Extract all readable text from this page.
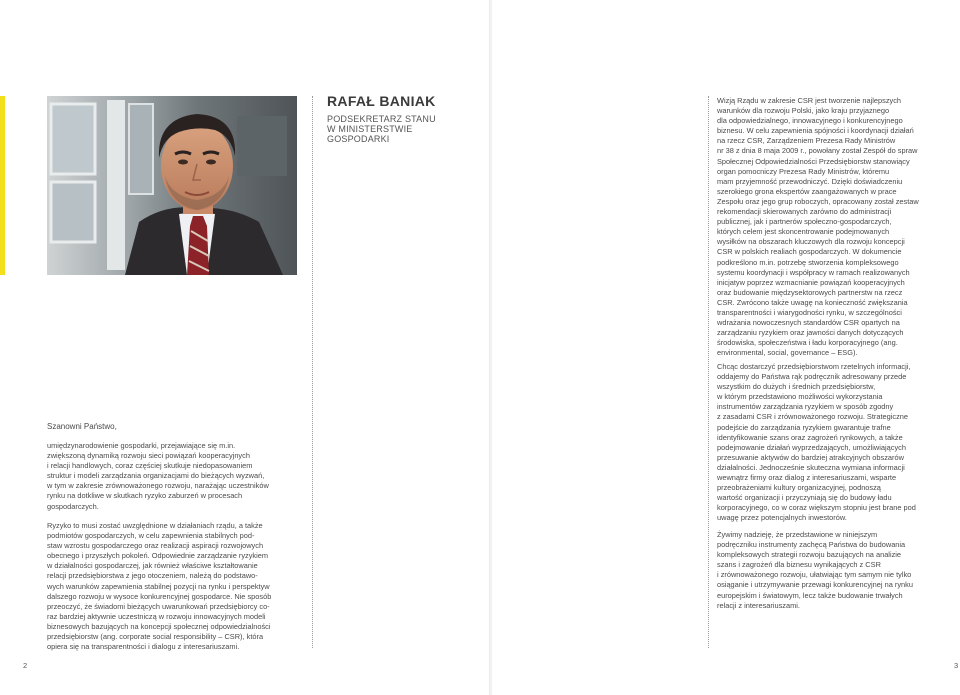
RAFAŁ BANIAK

PODSEKRETARZ STANU W MINISTERSTWIE GOSPODARKI

Szanowni Państwo,

umiędzynarodowienie gospodarki, przejawiające się m.in.
zwiększoną dynamiką rozwoju sieci powiązań kooperacyjnych
i relacji handlowych, coraz częściej skutkuje niedopasowaniem
struktur i modeli zarządzania organizacjami do bieżących wyzwań,
w tym w zakresie zrównoważonego rozwoju, narażając uczestników
rynku na dotkliwe w skutkach ryzyko zaburzeń w procesach
gospodarczych.

Ryzyko to musi zostać uwzględnione w działaniach rządu, a także
podmiotów gospodarczych, w celu zapewnienia stabilnych pod-
staw wzrostu gospodarczego oraz realizacji aspiracji rozwojowych
obecnego i przyszłych pokoleń. Odpowiednie zarządzanie ryzykiem
w działalności gospodarczej, jak również właściwe kształtowanie
relacji przedsiębiorstwa z jego otoczeniem, należą do podstawo-
wych warunków zapewnienia stabilnej pozycji na rynku i perspektyw
dalszego rozwoju w wysoce konkurencyjnej gospodarce. Nie sposób
przeoczyć, że świadomi bieżących uwarunkowań przedsiębiorcy co-
raz bardziej aktywnie uczestniczą w rozwoju innowacyjnych modeli
biznesowych bazujących na koncepcji społecznej odpowiedzialności
przedsiębiorstw (ang. corporate social responsibility – CSR), która
opiera się na transparentności i dialogu z interesariuszami.

Wizją Rządu w zakresie CSR jest tworzenie najlepszych
warunków dla rozwoju Polski, jako kraju przyjaznego
dla odpowiedzialnego, innowacyjnego i konkurencyjnego
biznesu. W celu zapewnienia spójności i koordynacji działań
na rzecz CSR, Zarządzeniem Prezesa Rady Ministrów
nr 38 z dnia 8 maja 2009 r., powołany został Zespół do spraw
Społecznej Odpowiedzialności Przedsiębiorstw stanowiący
organ pomocniczy Prezesa Rady Ministrów, któremu
mam przyjemność przewodniczyć. Dzięki doświadczeniu
szerokiego grona ekspertów zaangażowanych w prace
Zespołu oraz jego grup roboczych, opracowany został zestaw
rekomendacji skierowanych zarówno do administracji
publicznej, jak i partnerów społeczno-gospodarczych,
których celem jest skoncentrowanie podejmowanych
wysiłków na obszarach kluczowych dla rozwoju koncepcji
CSR w polskich realiach gospodarczych. W dokumencie
podkreślono m.in. potrzebę stworzenia kompleksowego
systemu koordynacji i współpracy w ramach realizowanych
inicjatyw poprzez wzmacnianie powiązań kooperacyjnych
oraz budowanie międzysektorowych partnerstw na rzecz
CSR. Zwrócono także uwagę na konieczność zwiększania
transparentności i wiarygodności rynku, w szczególności
wdrażania nowoczesnych standardów CSR opartych na
zarządzaniu ryzykiem oraz jawności danych dotyczących
środowiska, społeczeństwa i ładu korporacyjnego (ang.
environmental, social, governance – ESG).

Chcąc dostarczyć przedsiębiorstwom rzetelnych informacji,
oddajemy do Państwa rąk podręcznik adresowany przede
wszystkim do dużych i średnich przedsiębiorstw,
w którym przedstawiono możliwości wykorzystania
instrumentów zarządzania ryzykiem w sposób zgodny
z zasadami CSR i zrównoważonego rozwoju. Strategiczne
podejście do zarządzania ryzykiem gwarantuje trafne
identyfikowanie szans oraz zagrożeń rynkowych, a także
podejmowanie działań wyprzedzających, umożliwiających
przesuwanie aktywów do bardziej atrakcyjnych obszarów
działalności. Jednocześnie skuteczna wymiana informacji
wewnątrz firmy oraz dialog z interesariuszami, wsparte
przeobrażeniami kultury organizacyjnej, podnoszą
wartość organizacji i przyczyniają się do budowy ładu
korporacyjnego, co w coraz większym stopniu jest brane pod
uwagę przez potencjalnych inwestorów.

Żywimy nadzieję, że przedstawione w niniejszym
podręczniku instrumenty zachęcą Państwa do budowania
kompleksowych strategii rozwoju bazujących na analizie
szans i zagrożeń dla biznesu wynikających z CSR
i zrównoważonego rozwoju, ułatwiając tym samym nie tylko
osiąganie i utrzymywanie przewagi konkurencyjnej na rynku
europejskim i światowym, lecz także budowanie trwałych
relacji z interesariuszami.

2	3
